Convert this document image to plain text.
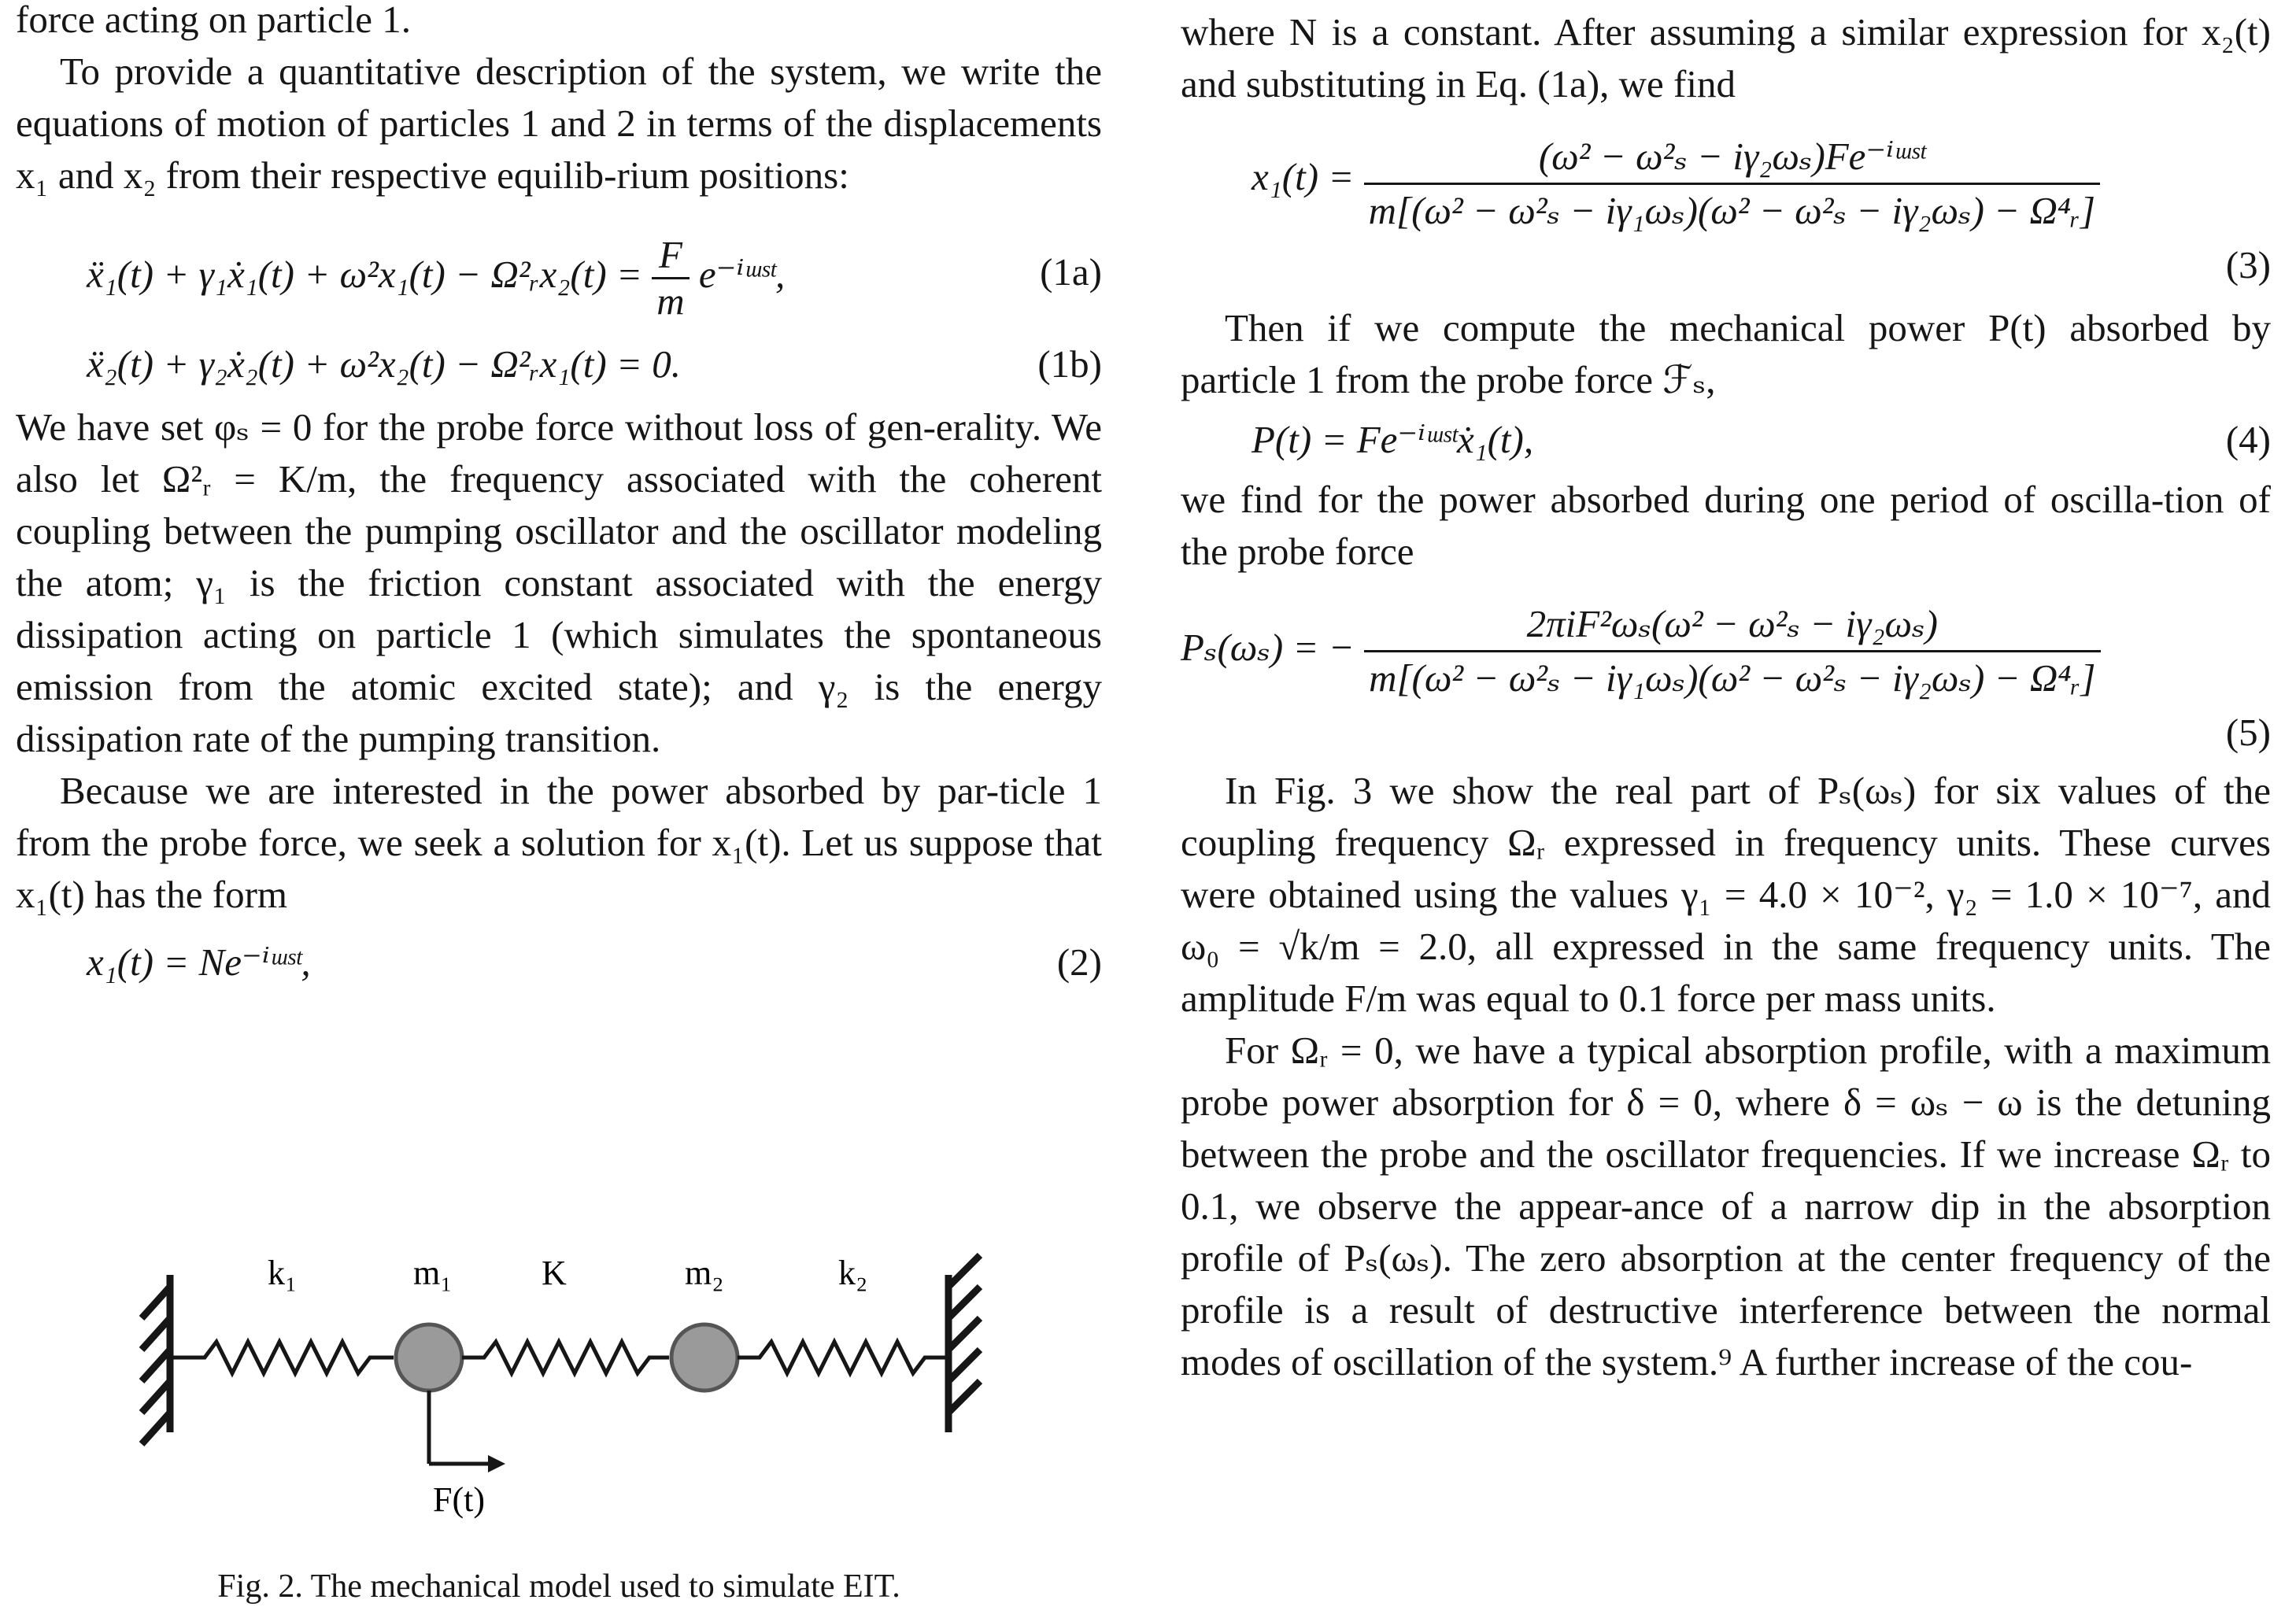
force acting on particle 1.

To provide a quantitative description of the system, we write the equations of motion of particles 1 and 2 in terms of the displacements x₁ and x₂ from their respective equilib-rium positions:

ẍ₁(t) + γ₁ẋ₁(t) + ω²x₁(t) − Ω²ᵣx₂(t) = $\frac{F}{m}$ e⁻ⁱᵚˢᵗ,	(1a)
ẍ₂(t) + γ₂ẋ₂(t) + ω²x₂(t) − Ω²ᵣx₁(t) = 0.	(1b)

We have set φₛ = 0 for the probe force without loss of gen-erality. We also let Ω²ᵣ = K/m, the frequency associated with the coherent coupling between the pumping oscillator and the oscillator modeling the atom; γ₁ is the friction constant associated with the energy dissipation acting on particle 1 (which simulates the spontaneous emission from the atomic excited state); and γ₂ is the energy dissipation rate of the pumping transition.

Because we are interested in the power absorbed by par-ticle 1 from the probe force, we seek a solution for x₁(t). Let us suppose that x₁(t) has the form

x₁(t) = Ne⁻ⁱᵚˢᵗ,	(2)
k₁	m₁	K	m₂	k₂
F(t)
Fig. 2. The mechanical model used to simulate EIT.

where N is a constant. After assuming a similar expression for x₂(t) and substituting in Eq. (1a), we find

$x_1(t) = \frac{\text{(ω² − ω²ₛ − iγ₂ωₛ)Fe⁻ⁱᵚˢᵗ}}{\text{m[(ω² − ω²ₛ − iγ₁ωₛ)(ω² − ω²ₛ − iγ₂ωₛ) − Ω⁴ᵣ]}}$
(3)

Then if we compute the mechanical power P(t) absorbed by particle 1 from the probe force ℱₛ,

P(t) = Fe⁻ⁱᵚˢᵗẋ₁(t),	(4)

we find for the power absorbed during one period of oscilla-tion of the probe force

Pₛ(ωₛ) = − $\frac{\text{2πiF²ωₛ(ω² − ω²ₛ − iγ₂ωₛ)}}{\text{m[(ω² − ω²ₛ − iγ₁ωₛ)(ω² − ω²ₛ − iγ₂ωₛ) − Ω⁴ᵣ]}}$
(5)

In Fig. 3 we show the real part of Pₛ(ωₛ) for six values of the coupling frequency Ωᵣ expressed in frequency units. These curves were obtained using the values γ₁ = 4.0 × 10⁻², γ₂ = 1.0 × 10⁻⁷, and ω₀ = √k/m = 2.0, all expressed in the same frequency units. The amplitude F/m was equal to 0.1 force per mass units.

For Ωᵣ = 0, we have a typical absorption profile, with a maximum probe power absorption for δ = 0, where δ = ωₛ − ω is the detuning between the probe and the oscillator frequencies. If we increase Ωᵣ to 0.1, we observe the appear-ance of a narrow dip in the absorption profile of Pₛ(ωₛ). The zero absorption at the center frequency of the profile is a result of destructive interference between the normal modes of oscillation of the system.⁹ A further increase of the cou-
